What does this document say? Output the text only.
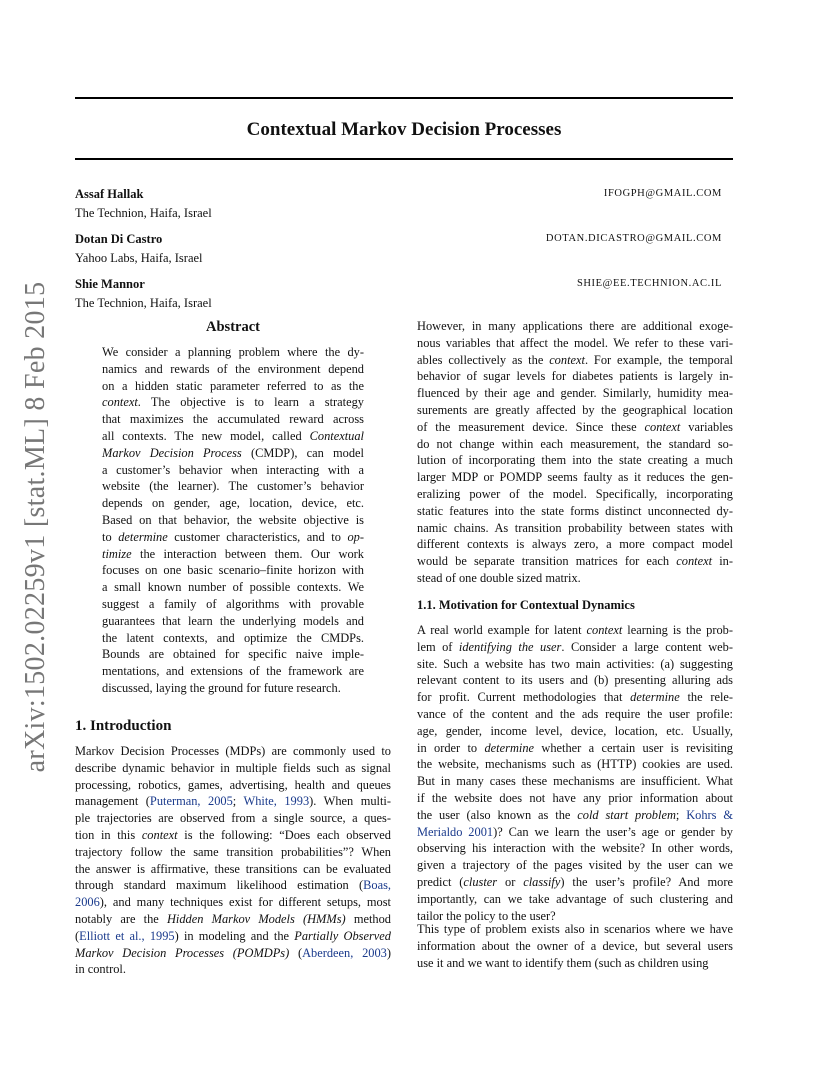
Contextual Markov Decision Processes
Assaf Hallak	IFOGPH@GMAIL.COM
The Technion, Haifa, Israel
Dotan Di Castro	DOTAN.DICASTRO@GMAIL.COM
Yahoo Labs, Haifa, Israel
Shie Mannor	SHIE@EE.TECHNION.AC.IL
The Technion, Haifa, Israel
arXiv:1502.02259v1 [stat.ML] 8 Feb 2015	Abstract
We consider a planning problem where the dy-
namics and rewards of the environment depend
on a hidden static parameter referred to as the
context. The objective is to learn a strategy
that maximizes the accumulated reward across
all contexts. The new model, called Contextual
Markov Decision Process (CMDP), can model
a customer’s behavior when interacting with a
website (the learner). The customer’s behavior
depends on gender, age, location, device, etc.
Based on that behavior, the website objective is
to determine customer characteristics, and to op-
timize the interaction between them. Our work
focuses on one basic scenario–finite horizon with
a small known number of possible contexts. We
suggest a family of algorithms with provable
guarantees that learn the underlying models and
the latent contexts, and optimize the CMDPs.
Bounds are obtained for specific naive imple-
mentations, and extensions of the framework are
discussed, laying the ground for future research.
1. Introduction
Markov Decision Processes (MDPs) are commonly used to
describe dynamic behavior in multiple fields such as signal
processing, robotics, games, advertising, health and queues
management (Puterman, 2005; White, 1993). When multi-
ple trajectories are observed from a single source, a ques-
tion in this context is the following: “Does each observed
trajectory follow the same transition probabilities”? When
the answer is affirmative, these transitions can be evaluated
through standard maximum likelihood estimation (Boas,
2006), and many techniques exist for different setups, most
notably are the Hidden Markov Models (HMMs) method
(Elliott et al., 1995) in modeling and the Partially Observed
Markov Decision Processes (POMDPs) (Aberdeen, 2003)
in control.
However, in many applications there are additional exoge-
nous variables that affect the model. We refer to these vari-
ables collectively as the context. For example, the temporal
behavior of sugar levels for diabetes patients is largely in-
fluenced by their age and gender. Similarly, humidity mea-
surements are greatly affected by the geographical location
of the measurement device. Since these context variables
do not change within each measurement, the standard so-
lution of incorporating them into the state creating a much
larger MDP or POMDP seems faulty as it reduces the gen-
eralizing power of the model. Specifically, incorporating
static features into the state forms distinct unconnected dy-
namic chains. As transition probability between states with
different contexts is always zero, a more compact model
would be separate transition matrices for each context in-
stead of one double sized matrix.
1.1. Motivation for Contextual Dynamics
A real world example for latent context learning is the prob-
lem of identifying the user. Consider a large content web-
site. Such a website has two main activities: (a) suggesting
relevant content to its users and (b) presenting alluring ads
for profit. Current methodologies that determine the rele-
vance of the content and the ads require the user profile:
age, gender, income level, device, location, etc. Usually,
in order to determine whether a certain user is revisiting
the website, mechanisms such as (HTTP) cookies are used.
But in many cases these mechanisms are insufficient. What
if the website does not have any prior information about
the user (also known as the cold start problem; Kohrs &
Merialdo 2001)? Can we learn the user’s age or gender by
observing his interaction with the website? In other words,
given a trajectory of the pages visited by the user can we
predict (cluster or classify) the user’s profile? And more
importantly, can we take advantage of such clustering and
tailor the policy to the user?
This type of problem exists also in scenarios where we have
information about the owner of a device, but several users
use it and we want to identify them (such as children using
